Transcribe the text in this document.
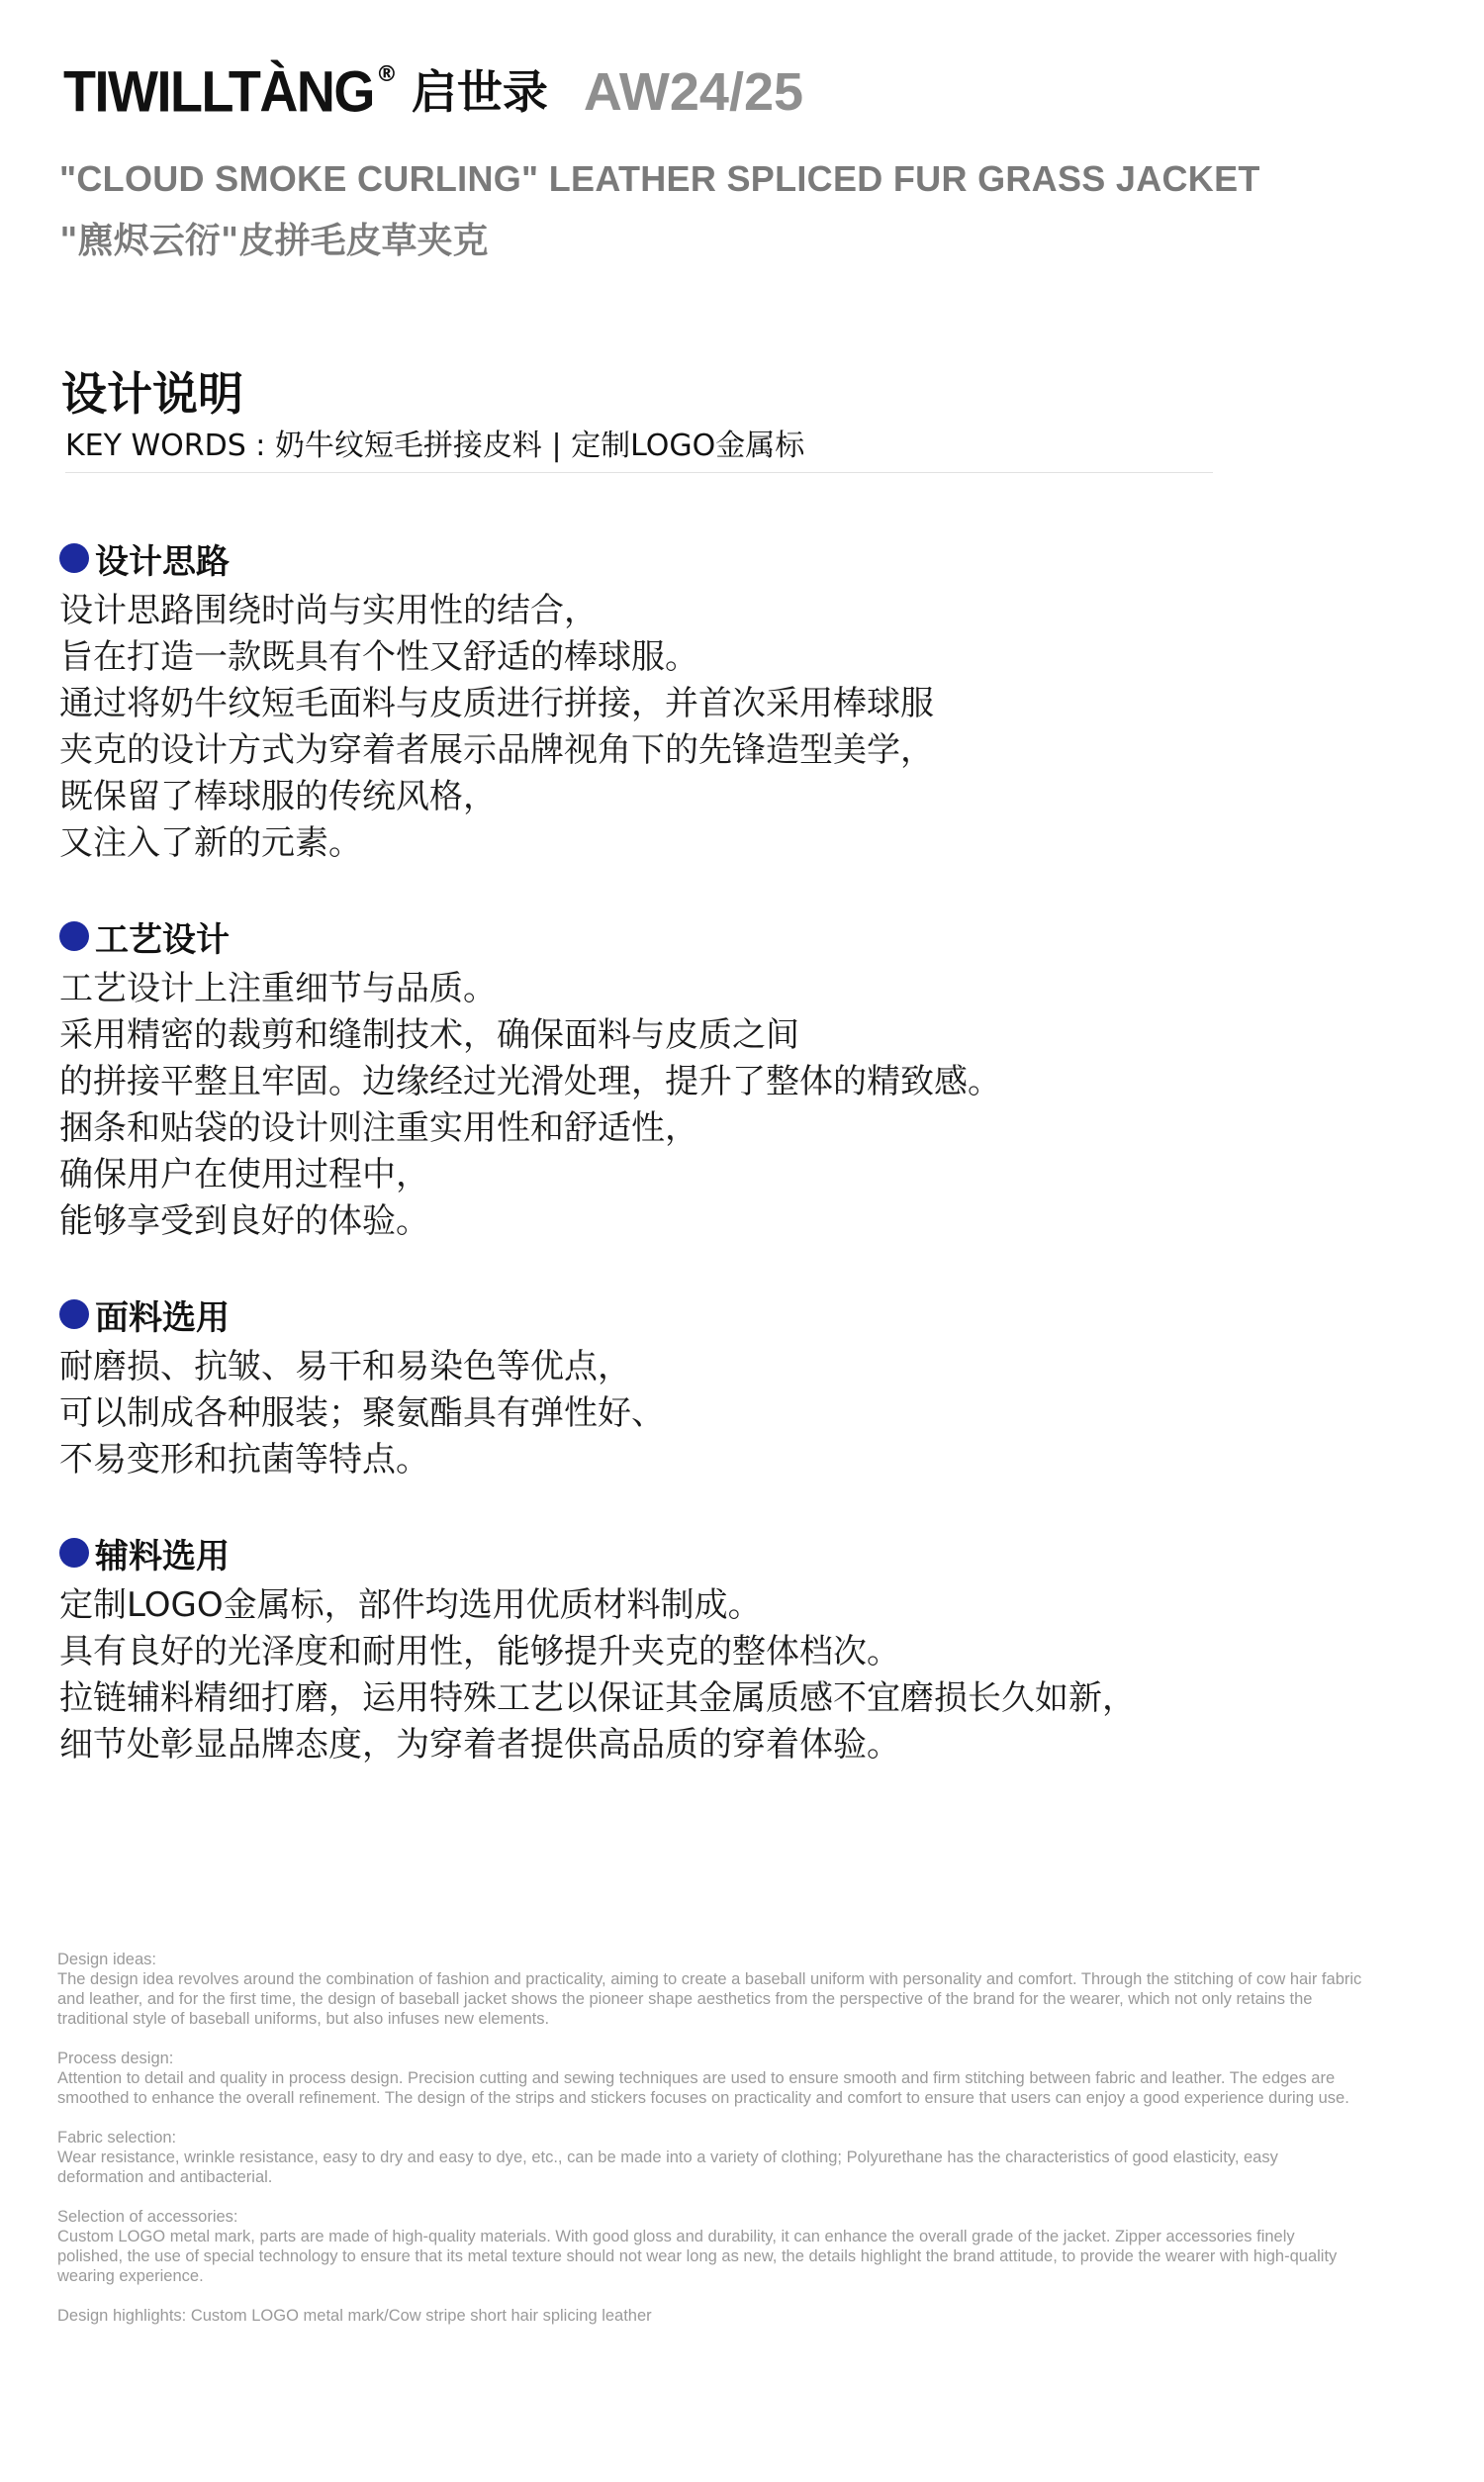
TIWILLTÀNG ® 启世录 AW24/25
"CLOUD SMOKE CURLING" LEATHER SPLICED FUR GRASS JACKET
"麃烬云衍"皮拼毛皮草夹克
设计说明
KEY WORDS : 奶牛纹短毛拼接皮料 | 定制LOGO金属标
设计思路
设计思路围绕时尚与实用性的结合，
旨在打造一款既具有个性又舒适的棒球服。
通过将奶牛纹短毛面料与皮质进行拼接，并首次采用棒球服
夹克的设计方式为穿着者展示品牌视角下的先锋造型美学，
既保留了棒球服的传统风格，
又注入了新的元素。
工艺设计
工艺设计上注重细节与品质。
采用精密的裁剪和缝制技术，确保面料与皮质之间
的拼接平整且牢固。边缘经过光滑处理，提升了整体的精致感。
捆条和贴袋的设计则注重实用性和舒适性，
确保用户在使用过程中，
能够享受到良好的体验。
面料选用
耐磨损、抗皱、易干和易染色等优点，
可以制成各种服装；聚氨酯具有弹性好、
不易变形和抗菌等特点。
辅料选用
定制LOGO金属标，部件均选用优质材料制成。
具有良好的光泽度和耐用性，能够提升夹克的整体档次。
拉链辅料精细打磨，运用特殊工艺以保证其金属质感不宜磨损长久如新，
细节处彰显品牌态度，为穿着者提供高品质的穿着体验。
Design ideas:
The design idea revolves around the combination of fashion and practicality, aiming to create a baseball uniform with personality and comfort. Through the stitching of cow hair fabric and leather, and for the first time, the design of baseball jacket shows the pioneer shape aesthetics from the perspective of the brand for the wearer, which not only retains the traditional style of baseball uniforms, but also infuses new elements.
Process design:
Attention to detail and quality in process design. Precision cutting and sewing techniques are used to ensure smooth and firm stitching between fabric and leather. The edges are smoothed to enhance the overall refinement. The design of the strips and stickers focuses on practicality and comfort to ensure that users can enjoy a good experience during use.
Fabric selection:
Wear resistance, wrinkle resistance, easy to dry and easy to dye, etc., can be made into a variety of clothing; Polyurethane has the characteristics of good elasticity, easy deformation and antibacterial.
Selection of accessories:
Custom LOGO metal mark, parts are made of high-quality materials. With good gloss and durability, it can enhance the overall grade of the jacket. Zipper accessories finely polished, the use of special technology to ensure that its metal texture should not wear long as new, the details highlight the brand attitude, to provide the wearer with high-quality wearing experience.
Design highlights: Custom LOGO metal mark/Cow stripe short hair splicing leather
